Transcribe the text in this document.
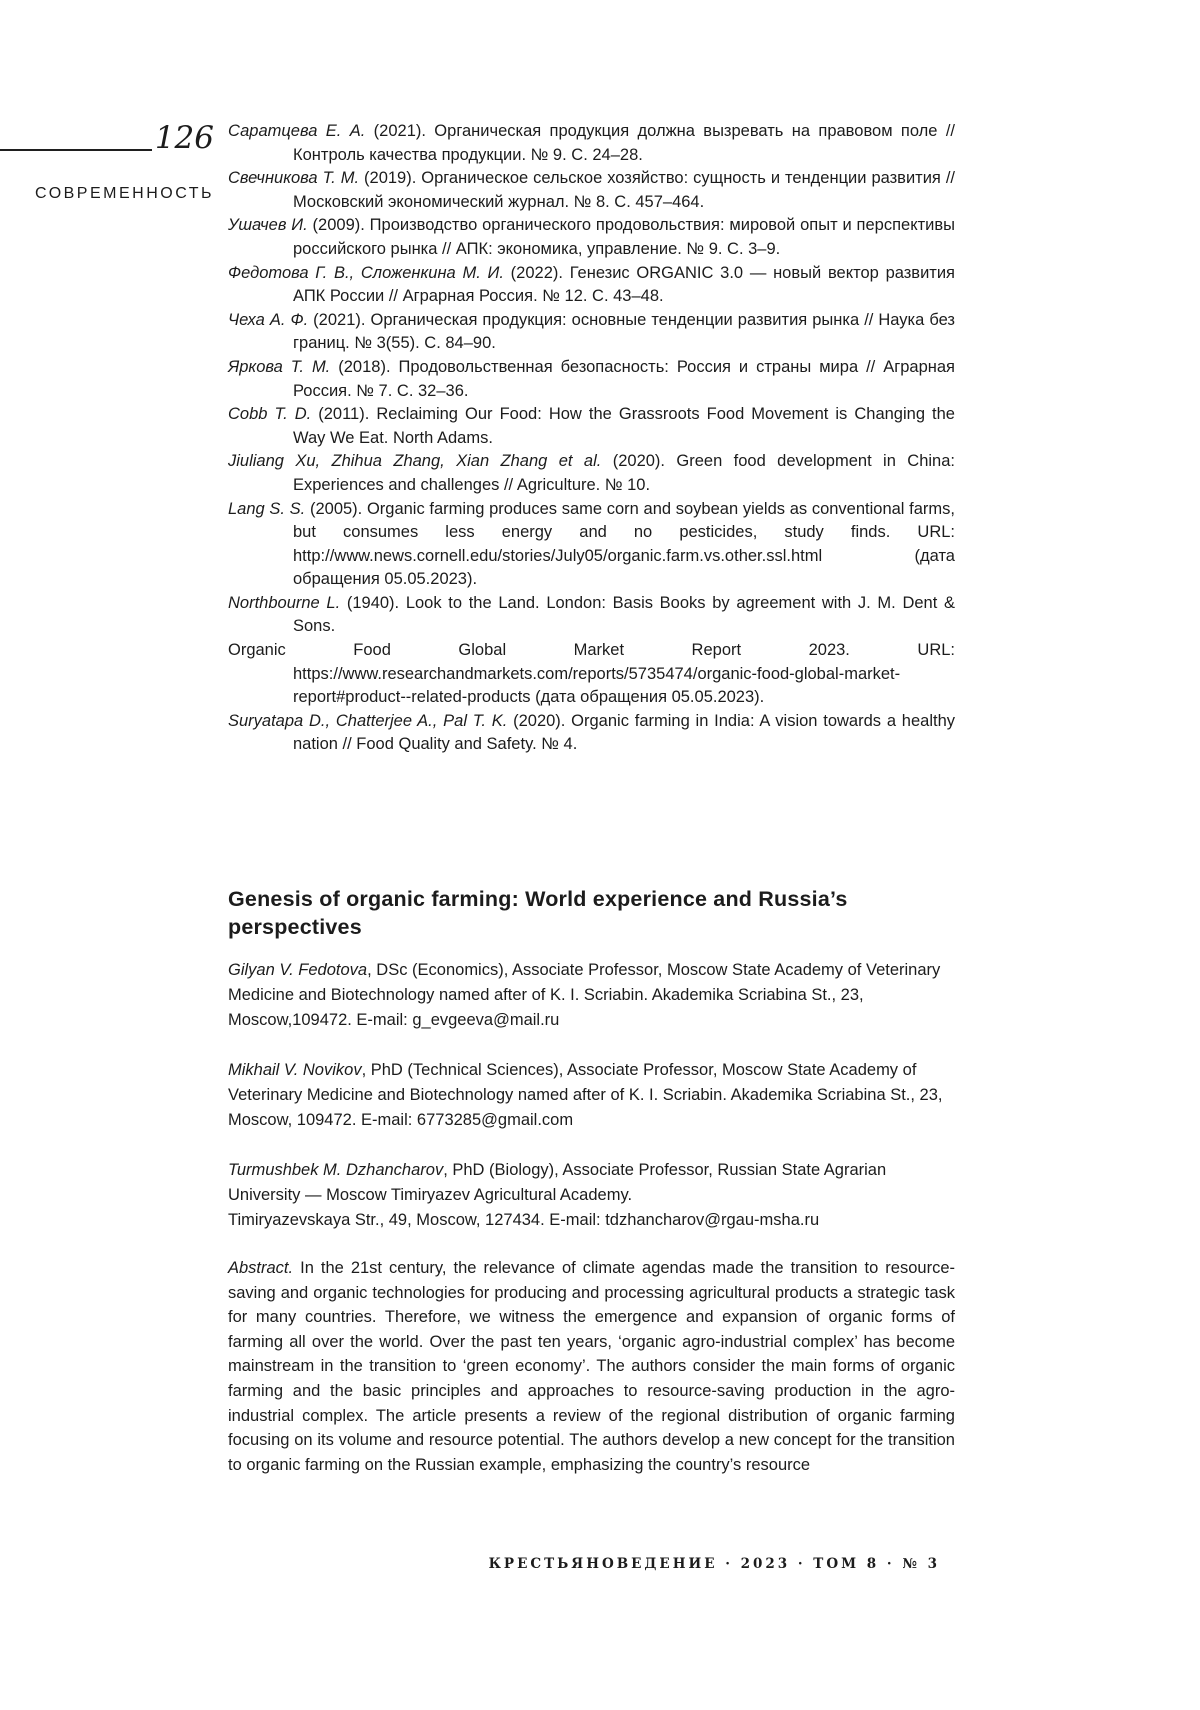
126
СОВРЕМЕННОСТЬ

Саратцева Е. А. (2021). Органическая продукция должна вызревать на правовом поле // Контроль качества продукции. № 9. С. 24–28.

Свечникова Т. М. (2019). Органическое сельское хозяйство: сущность и тенденции развития // Московский экономический журнал. № 8. С. 457–464.

Ушачев И. (2009). Производство органического продовольствия: мировой опыт и перспективы российского рынка // АПК: экономика, управление. № 9. С. 3–9.

Федотова Г. В., Сложенкина М. И. (2022). Генезис ORGANIC 3.0 — новый вектор развития АПК России // Аграрная Россия. № 12. С. 43–48.

Чеха А. Ф. (2021). Органическая продукция: основные тенденции развития рынка // Наука без границ. № 3(55). С. 84–90.

Яркова Т. М. (2018). Продовольственная безопасность: Россия и страны мира // Аграрная Россия. № 7. С. 32–36.

Cobb T. D. (2011). Reclaiming Our Food: How the Grassroots Food Movement is Changing the Way We Eat. North Adams.

Jiuliang Xu, Zhihua Zhang, Xian Zhang et al. (2020). Green food development in China: Experiences and challenges // Agriculture. № 10.

Lang S. S. (2005). Organic farming produces same corn and soybean yields as conventional farms, but consumes less energy and no pesticides, study finds. URL: http://www.news.cornell.edu/stories/July05/organic.farm.vs.other.ssl.html (дата обращения 05.05.2023).

Northbourne L. (1940). Look to the Land. London: Basis Books by agreement with J. M. Dent & Sons.

Organic Food Global Market Report 2023. URL: https://www.researchandmarkets.com/reports/5735474/organic-food-global-market-report#product--related-products (дата обращения 05.05.2023).

Suryatapa D., Chatterjee A., Pal T. K. (2020). Organic farming in India: A vision towards a healthy nation // Food Quality and Safety. № 4.

Genesis of organic farming: World experience and Russia’s perspectives

Gilyan V. Fedotova, DSc (Economics), Associate Professor, Moscow State Academy of Veterinary Medicine and Biotechnology named after of K. I. Scriabin. Akademika Scriabina St., 23, Moscow,109472. E-mail: g_evgeeva@mail.ru

Mikhail V. Novikov, PhD (Technical Sciences), Associate Professor, Moscow State Academy of Veterinary Medicine and Biotechnology named after of K. I. Scriabin. Akademika Scriabina St., 23, Moscow, 109472. E-mail: 6773285@gmail.com

Turmushbek M. Dzhancharov, PhD (Biology), Associate Professor, Russian State Agrarian University — Moscow Timiryazev Agricultural Academy.
Timiryazevskaya Str., 49, Moscow, 127434. E-mail: tdzhancharov@rgau-msha.ru

Abstract. In the 21st century, the relevance of climate agendas made the transition to resource-saving and organic technologies for producing and processing agricultural products a strategic task for many countries. Therefore, we witness the emergence and expansion of organic forms of farming all over the world. Over the past ten years, ‘organic agro-industrial complex’ has become mainstream in the transition to ‘green economy’. The authors consider the main forms of organic farming and the basic principles and approaches to resource-saving production in the agro-industrial complex. The article presents a review of the regional distribution of organic farming focusing on its volume and resource potential. The authors develop a new concept for the transition to organic farming on the Russian example, emphasizing the country’s resource

КРЕСТЬЯНОВЕДЕНИЕ · 2023 · ТОМ 8 · № 3
